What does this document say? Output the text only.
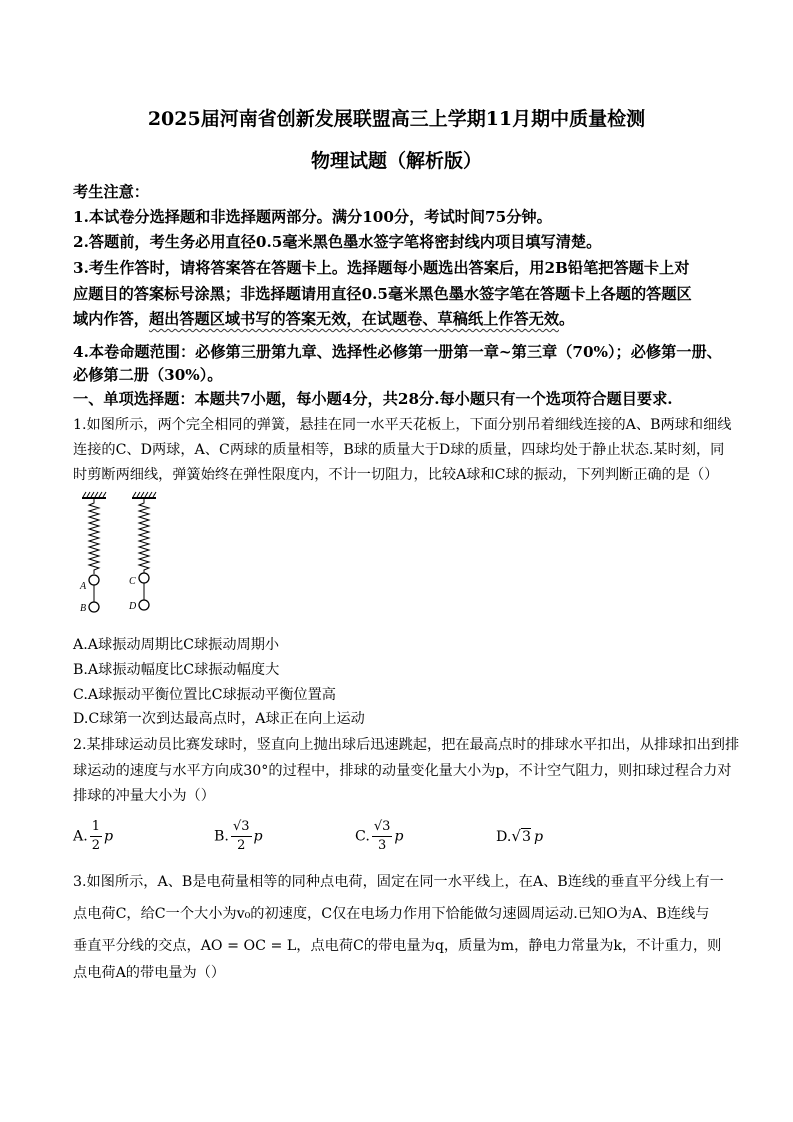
2025届河南省创新发展联盟高三上学期11月期中质量检测
物理试题（解析版）
考生注意：
1.本试卷分选择题和非选择题两部分。满分100分，考试时间75分钟。
2.答题前，考生务必用直径0.5毫米黑色墨水签字笔将密封线内项目填写清楚。
3.考生作答时，请将答案答在答题卡上。选择题每小题选出答案后，用2B铅笔把答题卡上对
应题目的答案标号涂黑；非选择题请用直径0.5毫米黑色墨水签字笔在答题卡上各题的答题区
域内作答，超出答题区域书写的答案无效，在试题卷、草稿纸上作答无效。
4.本卷命题范围：必修第三册第九章、选择性必修第一册第一章~第三章（70%）；必修第一册、
必修第二册（30%）。
一、单项选择题：本题共7小题，每小题4分，共28分.每小题只有一个选项符合题目要求.
1.如图所示，两个完全相同的弹簧，悬挂在同一水平天花板上，下面分别吊着细线连接的A、B两球和细线
连接的C、D两球，A、C两球的质量相等，B球的质量大于D球的质量，四球均处于静止状态.某时刻，同
时剪断两细线，弹簧始终在弹性限度内，不计一切阻力，比较A球和C球的振动，下列判断正确的是（）
A
B
C
D
A.A球振动周期比C球振动周期小
B.A球振动幅度比C球振动幅度大
C.A球振动平衡位置比C球振动平衡位置高
D.C球第一次到达最高点时，A球正在向上运动
2.某排球运动员比赛发球时，竖直向上抛出球后迅速跳起，把在最高点时的排球水平扣出，从排球扣出到排
球运动的速度与水平方向成30°的过程中，排球的动量变化量大小为p，不计空气阻力，则扣球过程合力对
排球的冲量大小为（）
A. $\frac{1}{2}$ p	B. $\frac{√3}{2}$ p	C. $\frac{√3}{3}$ p	D.√3 p
3.如图所示，A、B是电荷量相等的同种点电荷，固定在同一水平线上，在A、B连线的垂直平分线上有一
点电荷C，给C一个大小为v₀的初速度，C仅在电场力作用下恰能做匀速圆周运动.已知O为A、B连线与
垂直平分线的交点，AO = OC = L，点电荷C的带电量为q，质量为m，静电力常量为k，不计重力，则
点电荷A的带电量为（）
